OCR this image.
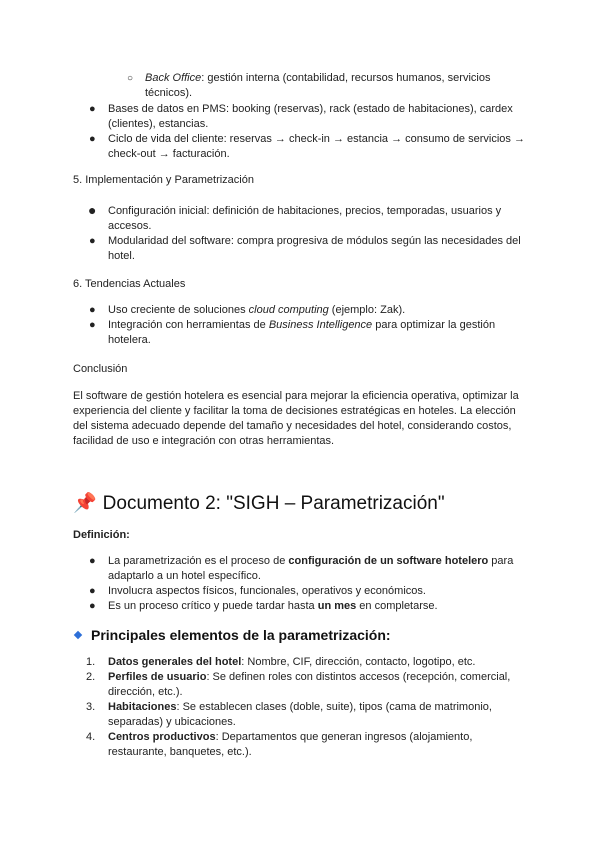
○ Back Office: gestión interna (contabilidad, recursos humanos, servicios técnicos).
● Bases de datos en PMS: booking (reservas), rack (estado de habitaciones), cardex (clientes), estancias.
● Ciclo de vida del cliente: reservas → check-in → estancia → consumo de servicios → check-out → facturación.
5. Implementación y Parametrización
● Configuración inicial: definición de habitaciones, precios, temporadas, usuarios y accesos.
● Modularidad del software: compra progresiva de módulos según las necesidades del hotel.
6. Tendencias Actuales
● Uso creciente de soluciones cloud computing (ejemplo: Zak).
● Integración con herramientas de Business Intelligence para optimizar la gestión hotelera.
Conclusión
El software de gestión hotelera es esencial para mejorar la eficiencia operativa, optimizar la experiencia del cliente y facilitar la toma de decisiones estratégicas en hoteles. La elección del sistema adecuado depende del tamaño y necesidades del hotel, considerando costos, facilidad de uso e integración con otras herramientas.
📌 Documento 2: "SIGH – Parametrización"
Definición:
● La parametrización es el proceso de configuración de un software hotelero para adaptarlo a un hotel específico.
● Involucra aspectos físicos, funcionales, operativos y económicos.
● Es un proceso crítico y puede tardar hasta un mes en completarse.
Principales elementos de la parametrización:
1. Datos generales del hotel: Nombre, CIF, dirección, contacto, logotipo, etc.
2. Perfiles de usuario: Se definen roles con distintos accesos (recepción, comercial, dirección, etc.).
3. Habitaciones: Se establecen clases (doble, suite), tipos (cama de matrimonio, separadas) y ubicaciones.
4. Centros productivos: Departamentos que generan ingresos (alojamiento, restaurante, banquetes, etc.).
